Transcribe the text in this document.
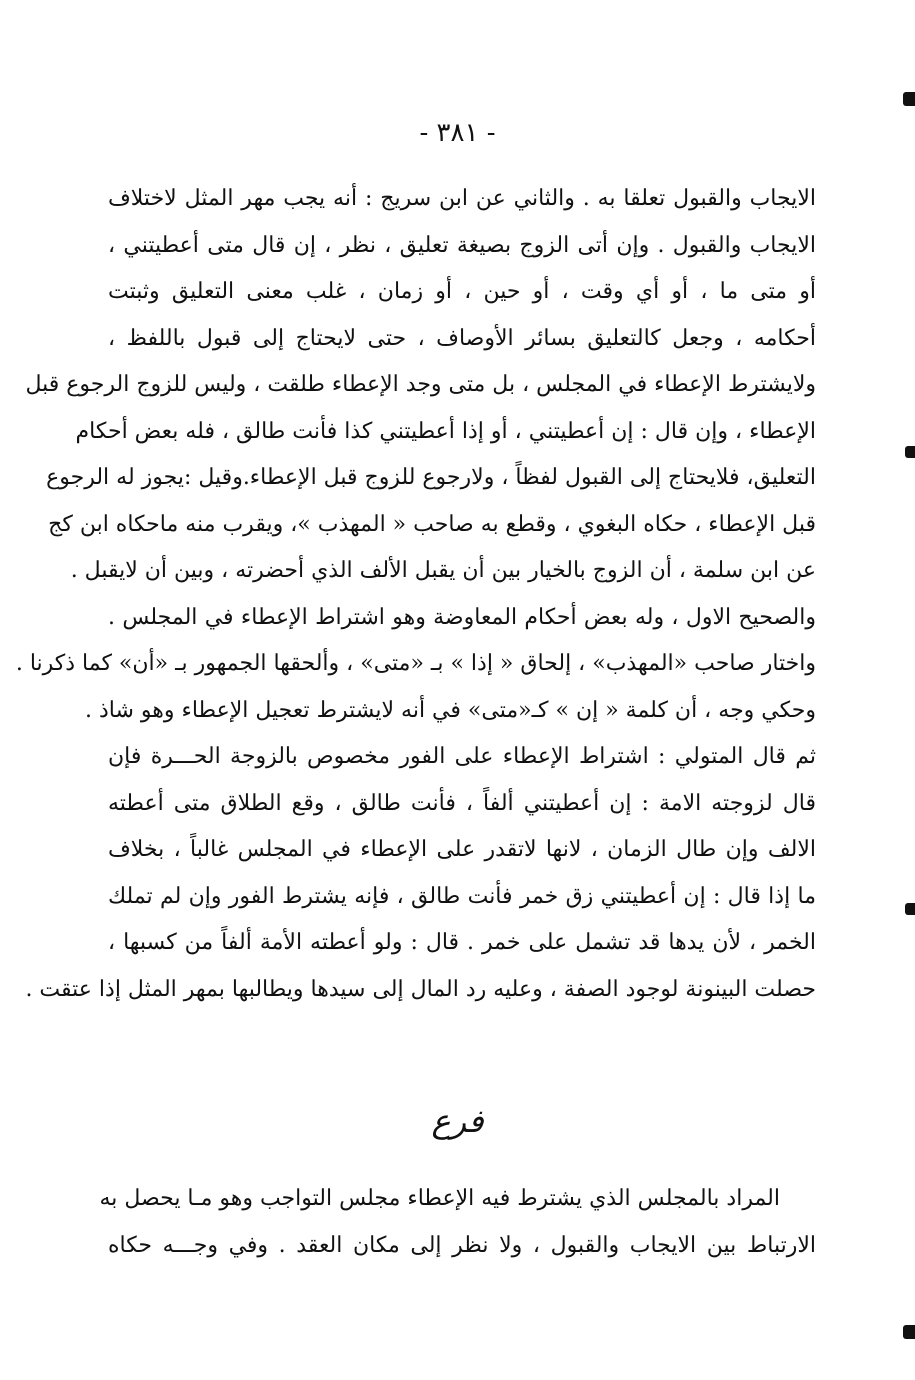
- ٣٨١ -
الايجاب والقبول تعلقا به . والثاني عن ابن سريج : أنه يجب مهر المثل لاختلاف
الايجاب والقبول . وإن أتى الزوج بصيغة تعليق ، نظر ، إن قال متى أعطيتني ،
أو متى ما ، أو أي وقت ، أو حين ، أو زمان ، غلب معنى التعليق وثبتت
أحكامه ، وجعل كالتعليق بسائر الأوصاف ، حتى لايحتاج إلى قبول باللفظ ،
ولايشترط الإعطاء في المجلس ، بل متى وجد الإعطاء طلقت ، وليس للزوج الرجوع قبل
الإعطاء ، وإن قال : إن أعطيتني ، أو إذا أعطيتني كذا فأنت طالق ، فله بعض أحكام
التعليق، فلايحتاج إلى القبول لفظاً ، ولارجوع للزوج قبل الإعطاء.وقيل :يجوز له الرجوع
قبل الإعطاء ، حكاه البغوي ، وقطع به صاحب « المهذب »، ويقرب منه ماحكاه ابن كج
عن ابن سلمة ، أن الزوج بالخيار بين أن يقبل الألف الذي أحضرته ، وبين أن لايقبل .
والصحيح الاول ، وله بعض أحكام المعاوضة وهو اشتراط الإعطاء في المجلس .
واختار صاحب «المهذب» ، إلحاق « إذا » بـ «متى» ، وألحقها الجمهور بـ «أن» كما ذكرنا .
وحكي وجه ، أن كلمة « إن » كـ«متى» في أنه لايشترط تعجيل الإعطاء وهو شاذ .
ثم قال المتولي : اشتراط الإعطاء على الفور مخصوص بالزوجة الحـــرة فإن
قال لزوجته الامة : إن أعطيتني ألفاً ، فأنت طالق ، وقع الطلاق متى أعطته
الالف وإن طال الزمان ، لانها لاتقدر على الإعطاء في المجلس غالباً ، بخلاف
ما إذا قال : إن أعطيتني زق خمر فأنت طالق ، فإنه يشترط الفور وإن لم تملك
الخمر ، لأن يدها قد تشمل على خمر . قال : ولو أعطته الأمة ألفاً من كسبها ،
حصلت البينونة لوجود الصفة ، وعليه رد المال إلى سيدها ويطالبها بمهر المثل إذا عتقت .
فرع
المراد بالمجلس الذي يشترط فيه الإعطاء مجلس التواجب وهو مـا يحصل به
الارتباط بين الايجاب والقبول ، ولا نظر إلى مكان العقد . وفي وجـــه حكاه
